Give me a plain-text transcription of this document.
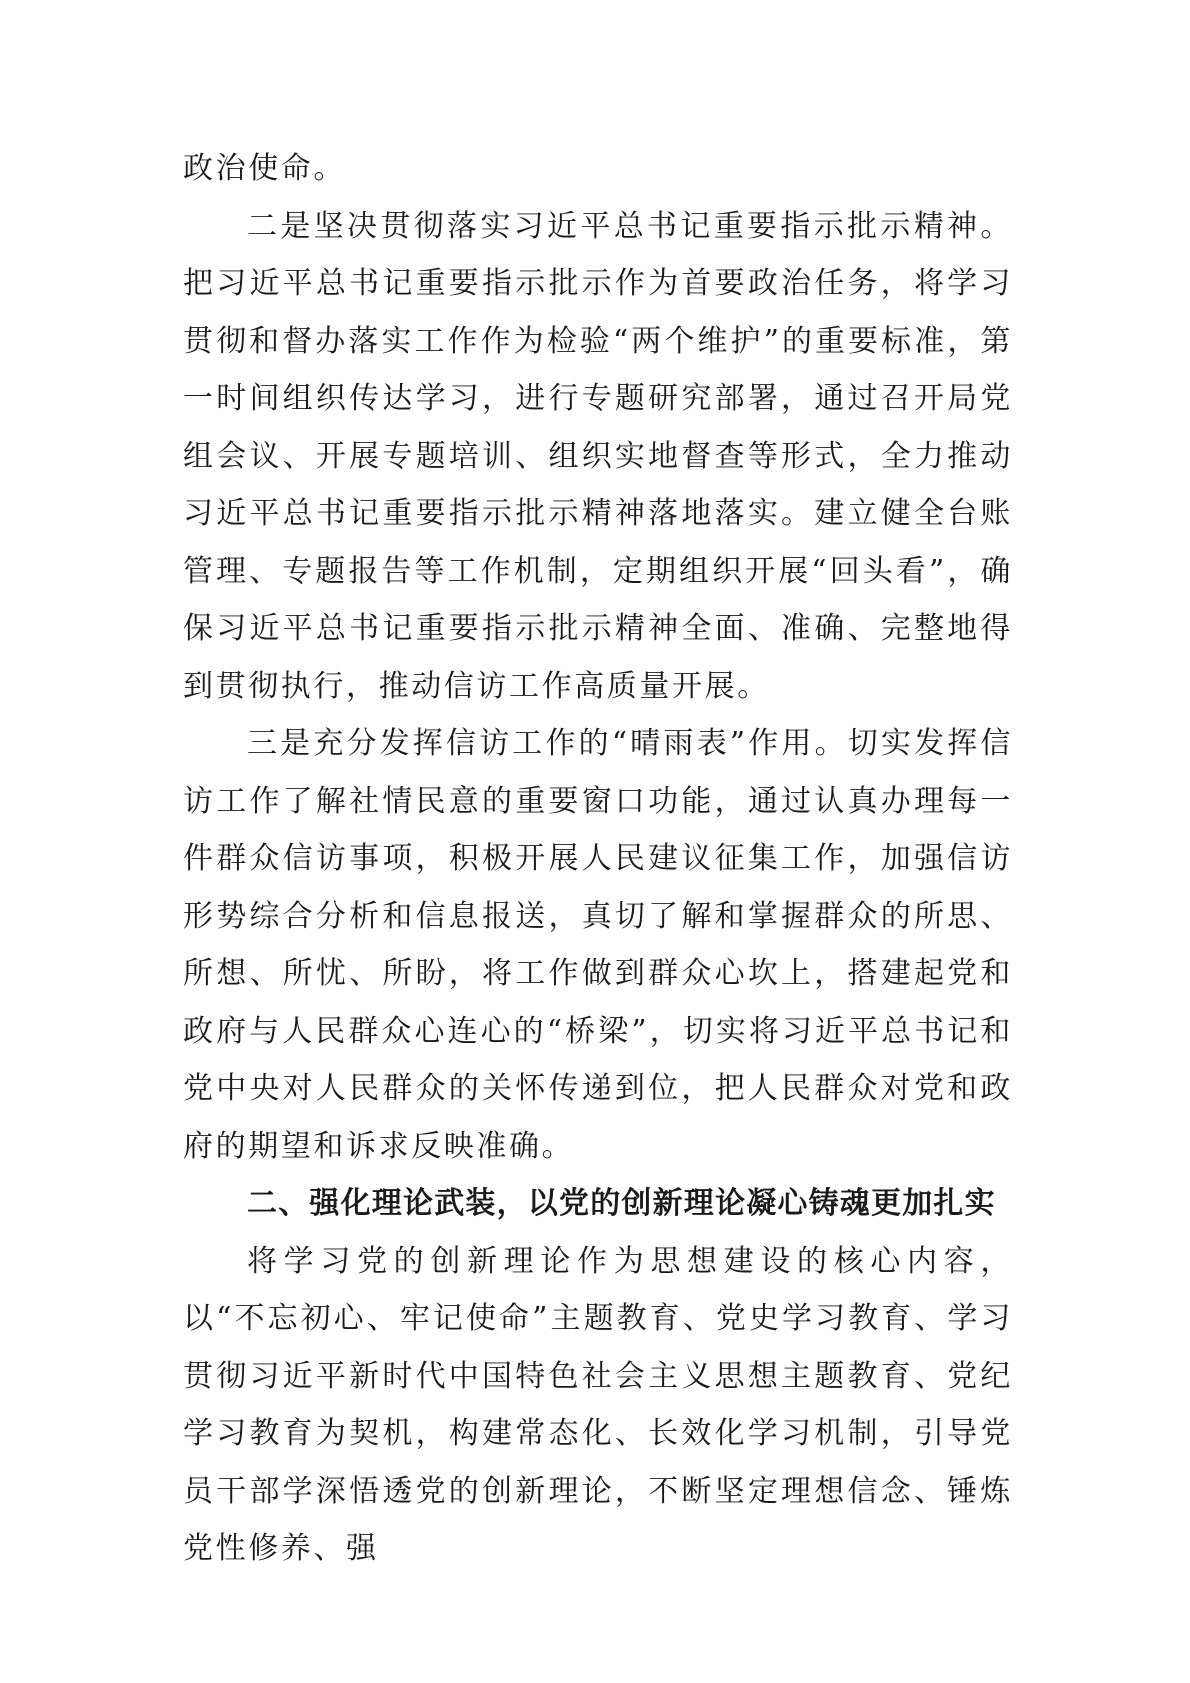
政治使命。

二是坚决贯彻落实习近平总书记重要指示批示精神。把习近平总书记重要指示批示作为首要政治任务，将学习贯彻和督办落实工作作为检验“两个维护”的重要标准，第一时间组织传达学习，进行专题研究部署，通过召开局党组会议、开展专题培训、组织实地督查等形式，全力推动习近平总书记重要指示批示精神落地落实。建立健全台账管理、专题报告等工作机制，定期组织开展“回头看”，确保习近平总书记重要指示批示精神全面、准确、完整地得到贯彻执行，推动信访工作高质量开展。

三是充分发挥信访工作的“晴雨表”作用。切实发挥信访工作了解社情民意的重要窗口功能，通过认真办理每一件群众信访事项，积极开展人民建议征集工作，加强信访形势综合分析和信息报送，真切了解和掌握群众的所思、所想、所忧、所盼，将工作做到群众心坎上，搭建起党和政府与人民群众心连心的“桥梁”，切实将习近平总书记和党中央对人民群众的关怀传递到位，把人民群众对党和政府的期望和诉求反映准确。

二、强化理论武装，以党的创新理论凝心铸魂更加扎实

将学习党的创新理论作为思想建设的核心内容，以“不忘初心、牢记使命”主题教育、党史学习教育、学习贯彻习近平新时代中国特色社会主义思想主题教育、党纪学习教育为契机，构建常态化、长效化学习机制，引导党员干部学深悟透党的创新理论，不断坚定理想信念、锤炼党性修养、强
